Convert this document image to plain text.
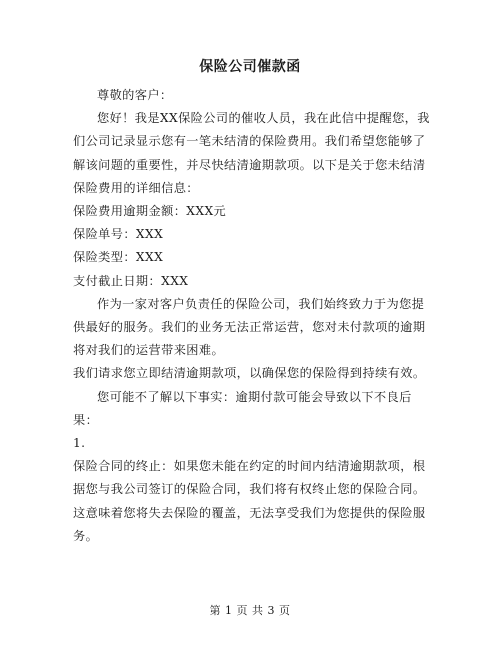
保险公司催款函

尊敬的客户：

您好！我是XX保险公司的催收人员，我在此信中提醒您，我们公司记录显示您有一笔未结清的保险费用。我们希望您能够了解该问题的重要性，并尽快结清逾期款项。以下是关于您未结清保险费用的详细信息：

保险费用逾期金额：XXX元

保险单号：XXX

保险类型：XXX

支付截止日期：XXX

作为一家对客户负责任的保险公司，我们始终致力于为您提供最好的服务。我们的业务无法正常运营，您对未付款项的逾期将对我们的运营带来困难。

我们请求您立即结清逾期款项，以确保您的保险得到持续有效。

您可能不了解以下事实：逾期付款可能会导致以下不良后果：

1.

保险合同的终止：如果您未能在约定的时间内结清逾期款项，根据您与我公司签订的保险合同，我们将有权终止您的保险合同。这意味着您将失去保险的覆盖，无法享受我们为您提供的保险服务。

第 1 页 共 3 页
